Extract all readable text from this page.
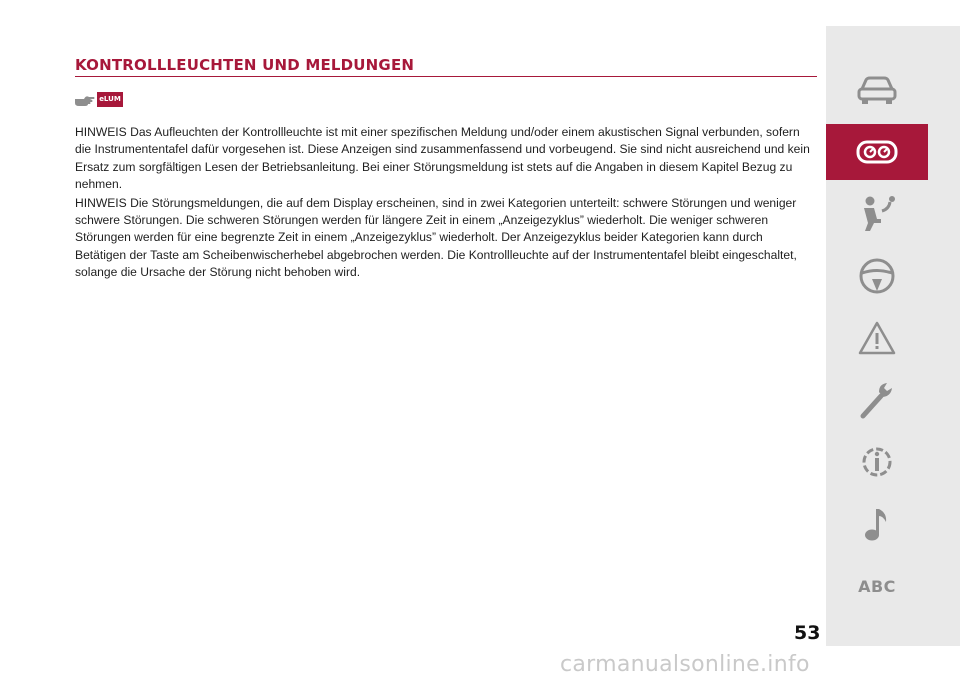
KONTROLLLEUCHTEN UND MELDUNGEN
eLUM

HINWEIS Das Aufleuchten der Kontrollleuchte ist mit einer spezifischen Meldung und/oder einem akustischen Signal verbunden, sofern die Instrumententafel dafür vorgesehen ist. Diese Anzeigen sind zusammenfassend und vorbeugend. Sie sind nicht ausreichend und kein Ersatz zum sorgfältigen Lesen der Betriebsanleitung. Bei einer Störungsmeldung ist stets auf die Angaben in diesem Kapitel Bezug zu nehmen.

HINWEIS Die Störungsmeldungen, die auf dem Display erscheinen, sind in zwei Kategorien unterteilt: schwere Störungen und weniger schwere Störungen. Die schweren Störungen werden für längere Zeit in einem „Anzeigezyklus” wiederholt. Die weniger schweren Störungen werden für eine begrenzte Zeit in einem „Anzeigezyklus” wiederholt. Der Anzeigezyklus beider Kategorien kann durch Betätigen der Taste am Scheibenwischerhebel abgebrochen werden. Die Kontrollleuchte auf der Instrumententafel bleibt eingeschaltet, solange die Ursache der Störung nicht behoben wird.

ABC
53
carmanualsonline.info
